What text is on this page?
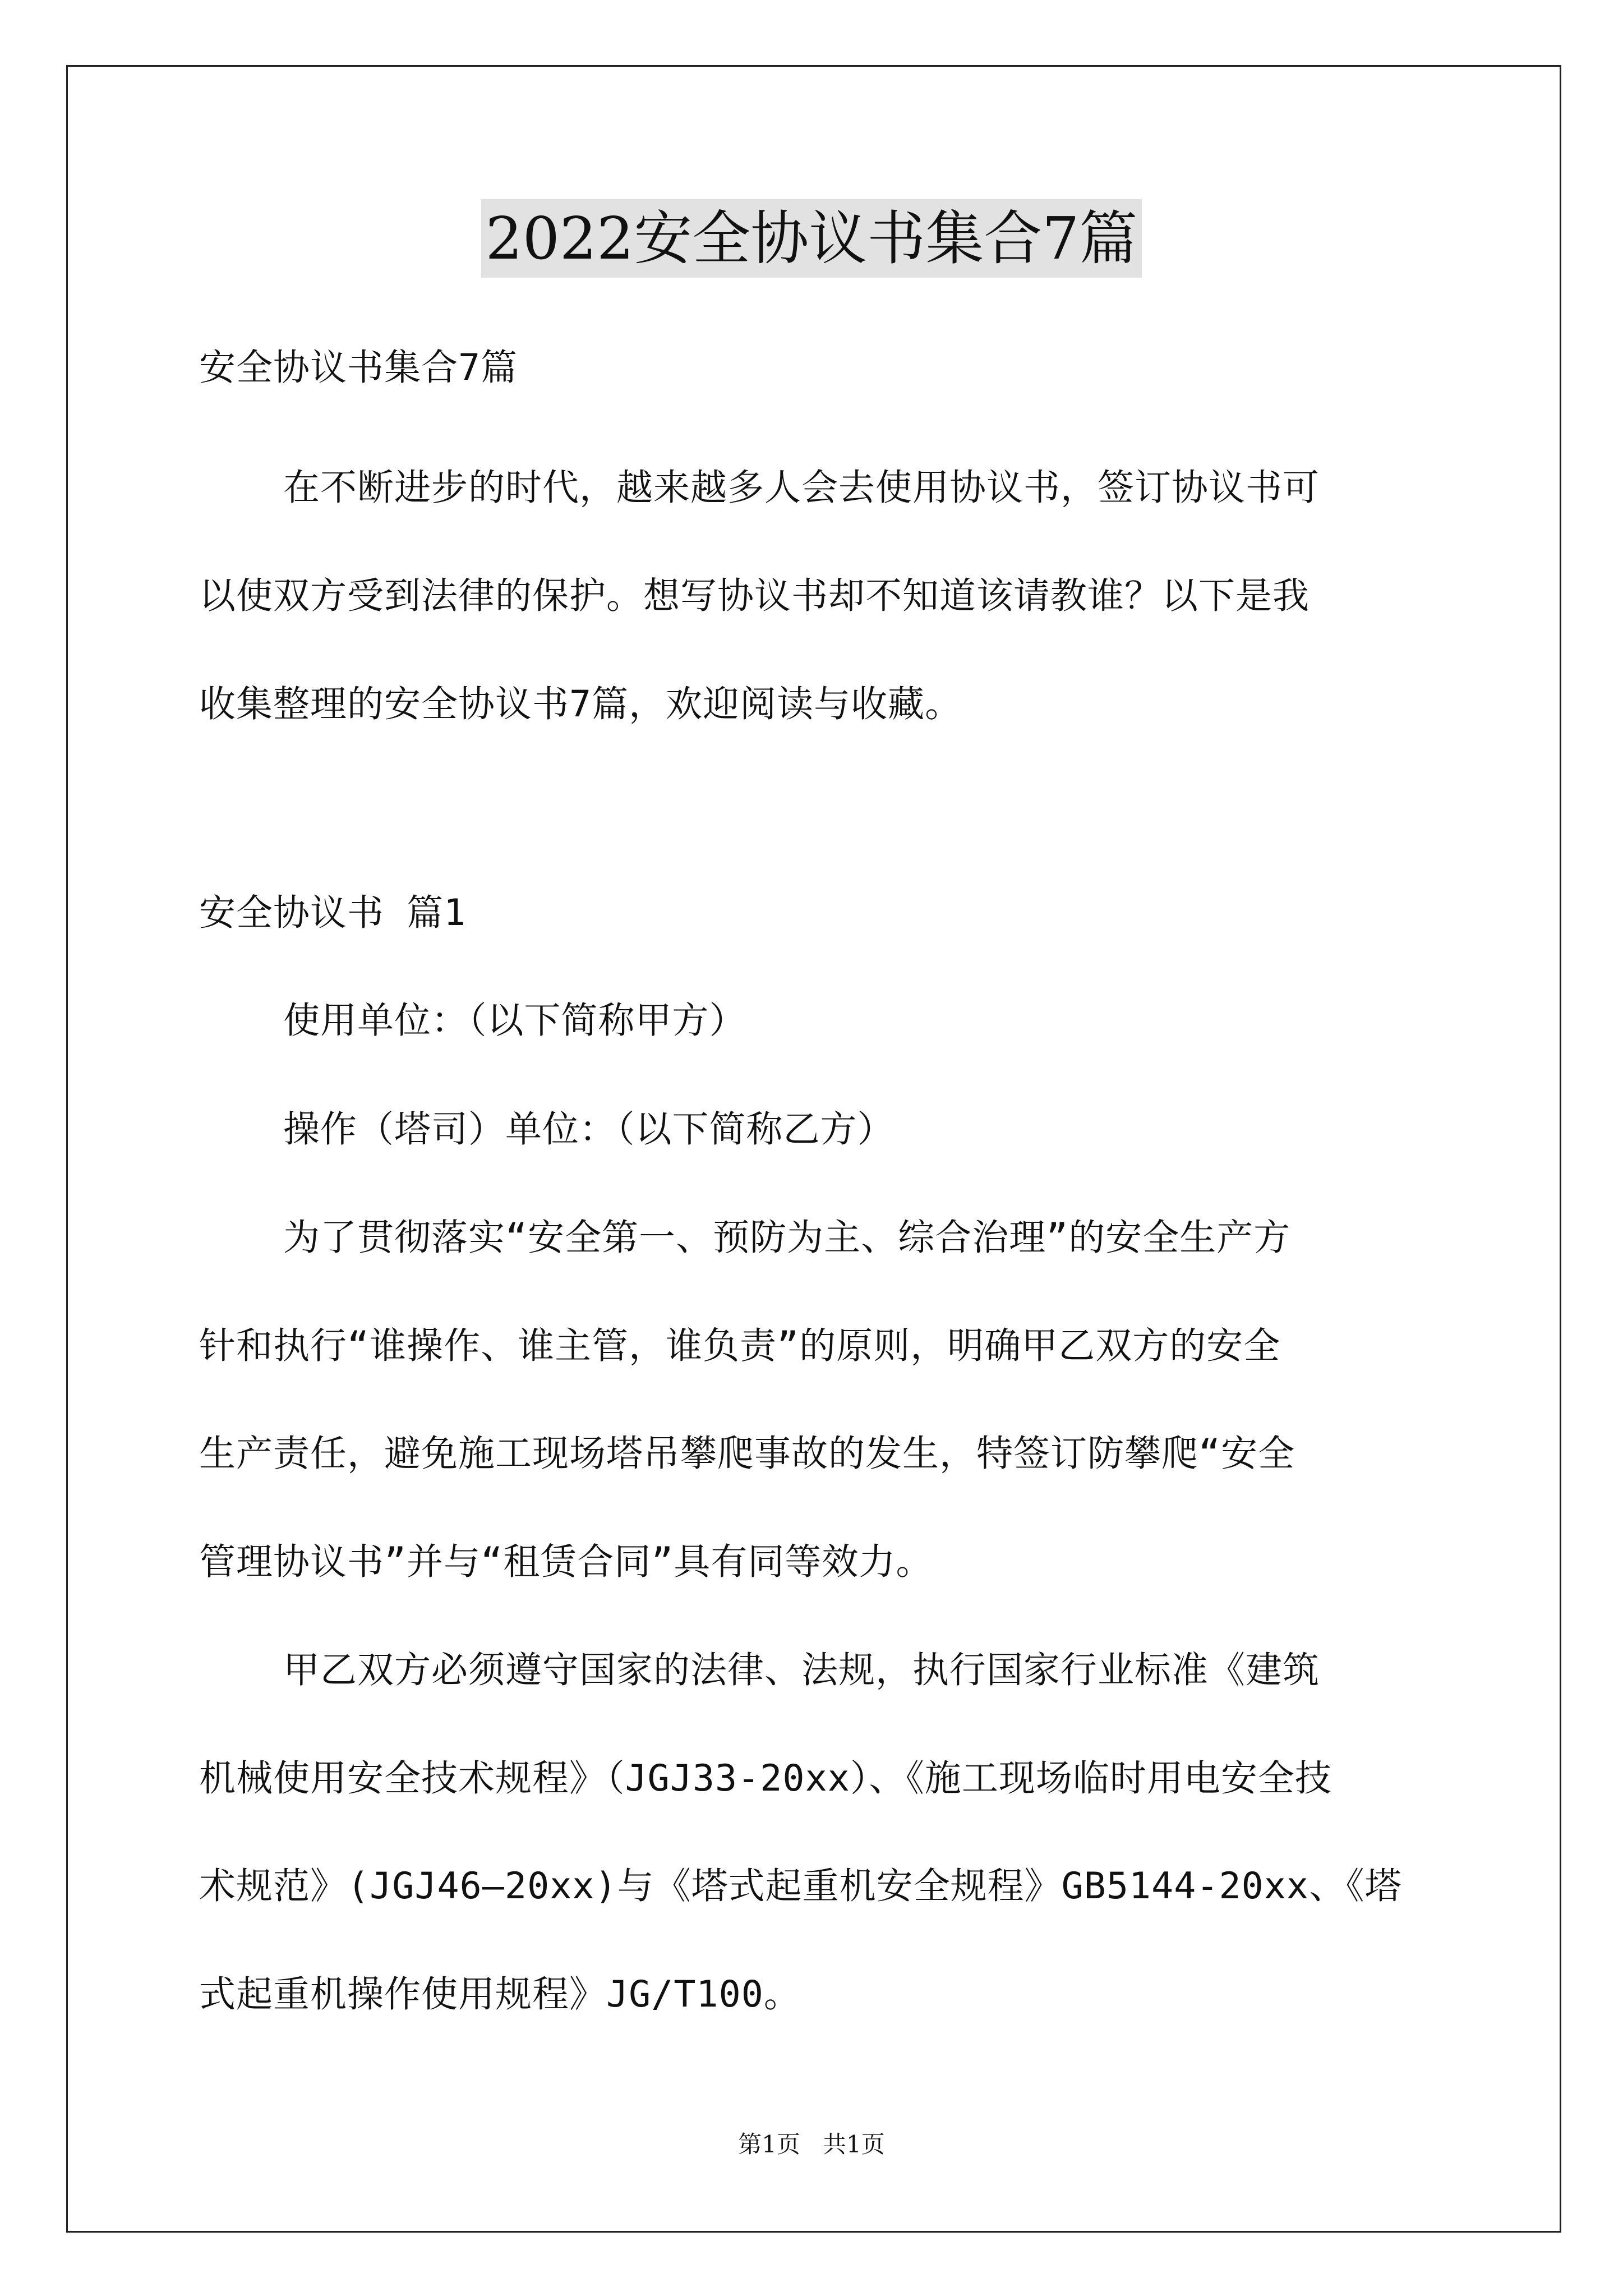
2022安全协议书集合7篇
安全协议书集合7篇
在不断进步的时代，越来越多人会去使用协议书，签订协议书可
以使双方受到法律的保护。想写协议书却不知道该请教谁？以下是我
收集整理的安全协议书7篇，欢迎阅读与收藏。
安全协议书 篇1
使用单位：（以下简称甲方）
操作（塔司）单位：（以下简称乙方）
为了贯彻落实“安全第一、预防为主、综合治理”的安全生产方
针和执行“谁操作、谁主管，谁负责”的原则，明确甲乙双方的安全
生产责任，避免施工现场塔吊攀爬事故的发生，特签订防攀爬“安全
管理协议书”并与“租赁合同”具有同等效力。
甲乙双方必须遵守国家的法律、法规，执行国家行业标准《建筑
机械使用安全技术规程》（JGJ33-20xx）、《施工现场临时用电安全技
术规范》(JGJ46—20xx)与《塔式起重机安全规程》GB5144-20xx、《塔
式起重机操作使用规程》JG/T100。
第1页   共1页
